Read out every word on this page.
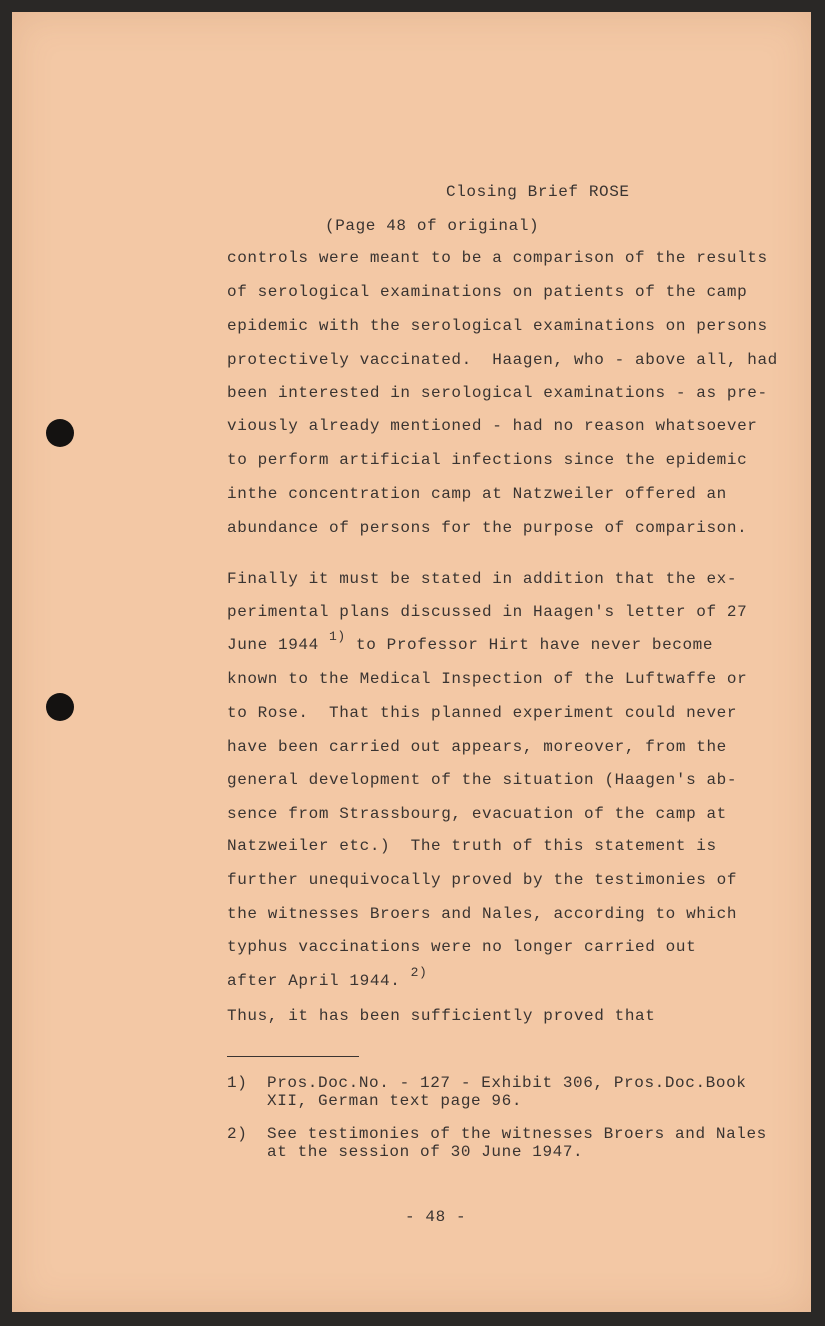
Closing Brief ROSE
(Page 48 of original)
controls were meant to be a comparison of the results
of serological examinations on patients of the camp
epidemic with the serological examinations on persons
protectively vaccinated.  Haagen, who - above all, had
been interested in serological examinations - as pre-
viously already mentioned - had no reason whatsoever
to perform artificial infections since the epidemic
inthe concentration camp at Natzweiler offered an
abundance of persons for the purpose of comparison.
Finally it must be stated in addition that the ex-
perimental plans discussed in Haagen's letter of 27
June 1944 $^{1)}$ to Professor Hirt have never become
known to the Medical Inspection of the Luftwaffe or
to Rose.  That this planned experiment could never
have been carried out appears, moreover, from the
general development of the situation (Haagen's ab-
sence from Strassbourg, evacuation of the camp at
Natzweiler etc.)  The truth of this statement is
further unequivocally proved by the testimonies of
the witnesses Broers and Nales, according to which
typhus vaccinations were no longer carried out
after April 1944. $^{2)}$
Thus, it has been sufficiently proved that
1) Pros.Doc.No. - 127 - Exhibit 306, Pros.Doc.Book
XII, German text page 96.
2) See testimonies of the witnesses Broers and Nales
at the session of 30 June 1947.
- 48 -
